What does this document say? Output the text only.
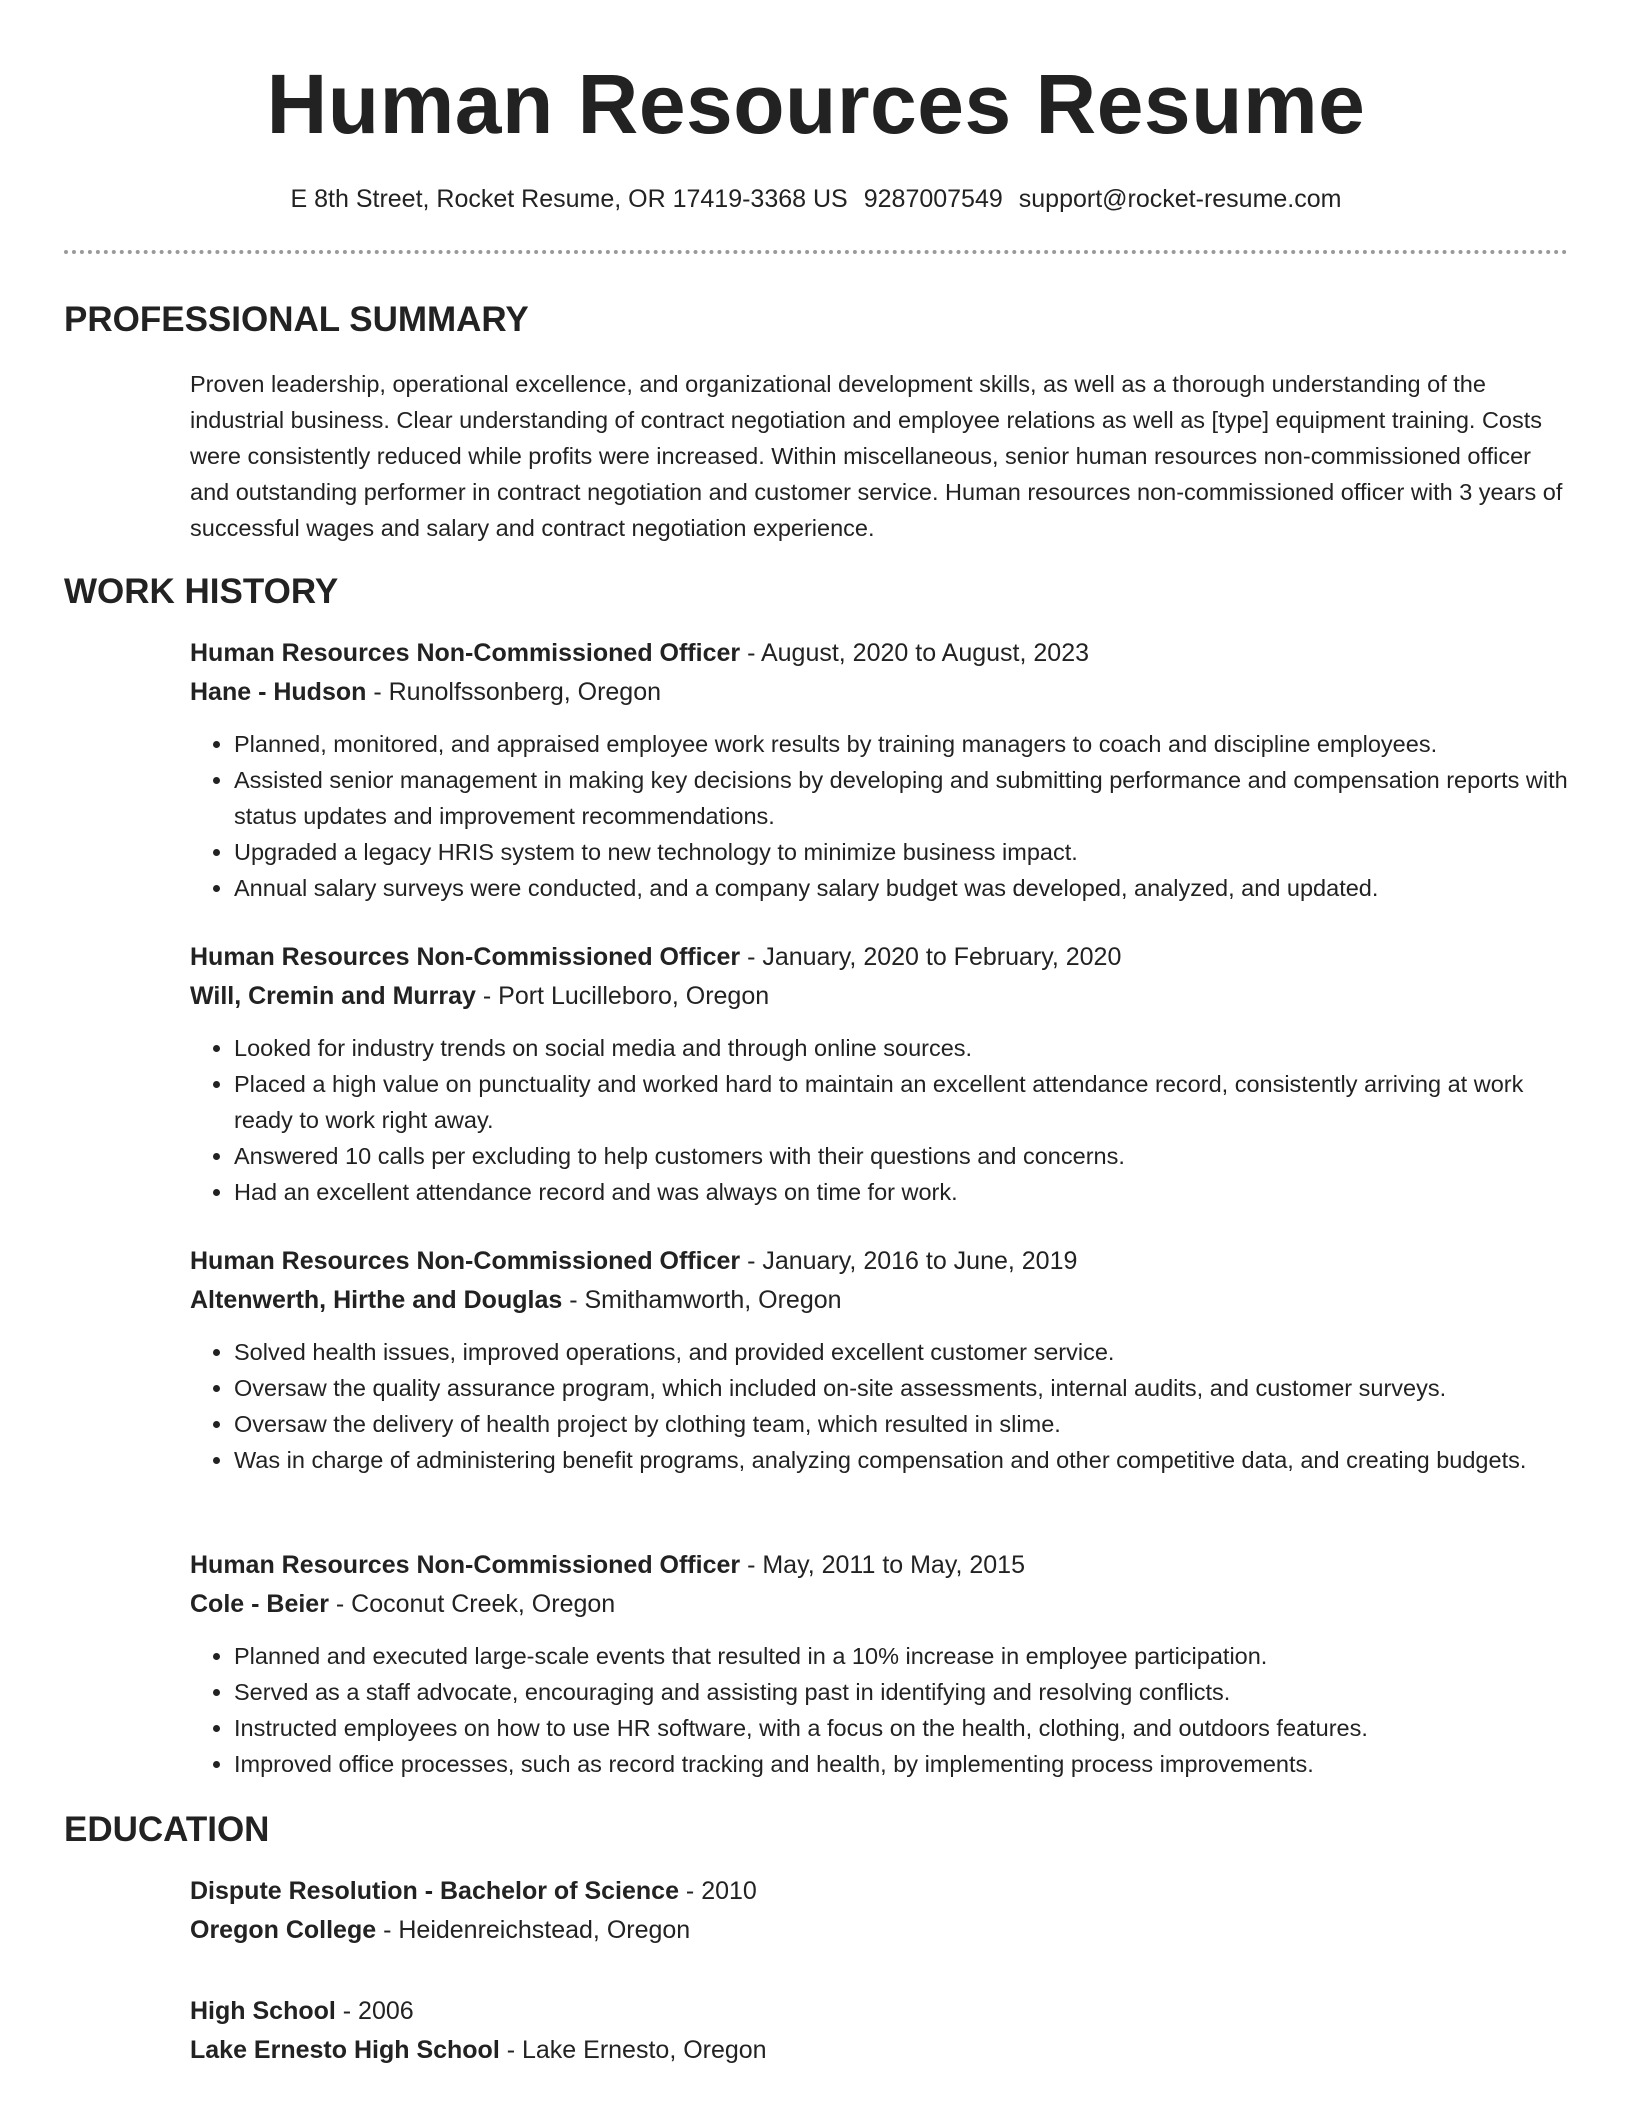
Human Resources Resume
E 8th Street, Rocket Resume, OR 17419-3368 US 9287007549 support@rocket-resume.com
PROFESSIONAL SUMMARY

Proven leadership, operational excellence, and organizational development skills, as well as a thorough understanding of the industrial business. Clear understanding of contract negotiation and employee relations as well as [type] equipment training. Costs were consistently reduced while profits were increased. Within miscellaneous, senior human resources non-commissioned officer and outstanding performer in contract negotiation and customer service. Human resources non-commissioned officer with 3 years of successful wages and salary and contract negotiation experience.

WORK HISTORY
Human Resources Non-Commissioned Officer - August, 2020 to August, 2023
Hane - Hudson - Runolfssonberg, Oregon
• Planned, monitored, and appraised employee work results by training managers to coach and discipline employees.
• Assisted senior management in making key decisions by developing and submitting performance and compensation reports with status updates and improvement recommendations.
• Upgraded a legacy HRIS system to new technology to minimize business impact.
• Annual salary surveys were conducted, and a company salary budget was developed, analyzed, and updated.
Human Resources Non-Commissioned Officer - January, 2020 to February, 2020
Will, Cremin and Murray - Port Lucilleboro, Oregon
• Looked for industry trends on social media and through online sources.
• Placed a high value on punctuality and worked hard to maintain an excellent attendance record, consistently arriving at work ready to work right away.
• Answered 10 calls per excluding to help customers with their questions and concerns.
• Had an excellent attendance record and was always on time for work.
Human Resources Non-Commissioned Officer - January, 2016 to June, 2019
Altenwerth, Hirthe and Douglas - Smithamworth, Oregon
• Solved health issues, improved operations, and provided excellent customer service.
• Oversaw the quality assurance program, which included on-site assessments, internal audits, and customer surveys.
• Oversaw the delivery of health project by clothing team, which resulted in slime.
• Was in charge of administering benefit programs, analyzing compensation and other competitive data, and creating budgets.
Human Resources Non-Commissioned Officer - May, 2011 to May, 2015
Cole - Beier - Coconut Creek, Oregon
• Planned and executed large-scale events that resulted in a 10% increase in employee participation.
• Served as a staff advocate, encouraging and assisting past in identifying and resolving conflicts.
• Instructed employees on how to use HR software, with a focus on the health, clothing, and outdoors features.
• Improved office processes, such as record tracking and health, by implementing process improvements.
EDUCATION
Dispute Resolution - Bachelor of Science - 2010
Oregon College - Heidenreichstead, Oregon
High School - 2006
Lake Ernesto High School - Lake Ernesto, Oregon
